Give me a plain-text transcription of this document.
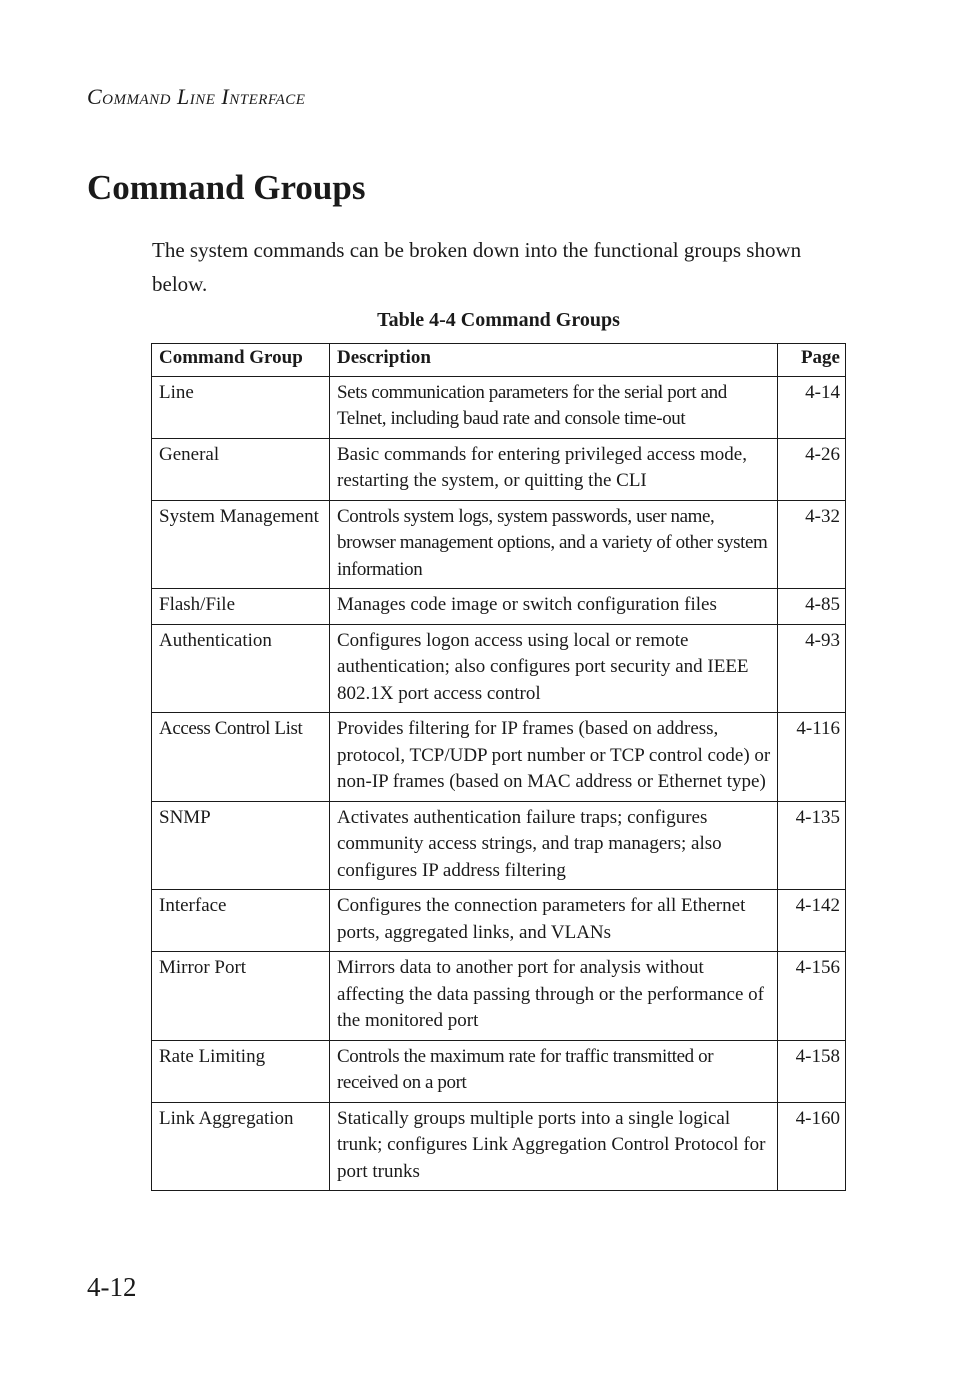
Command Line Interface
Command Groups

The system commands can be broken down into the functional groups shown below.

Table 4-4 Command Groups
Command Group	Description	Page
Line	Sets communication parameters for the serial port and Telnet, including baud rate and console time-out	4-14
General	Basic commands for entering privileged access mode, restarting the system, or quitting the CLI	4-26
System Management	Controls system logs, system passwords, user name, browser management options, and a variety of other system information	4-32
Flash/File	Manages code image or switch configuration files	4-85
Authentication	Configures logon access using local or remote authentication; also configures port security and IEEE 802.1X port access control	4-93
Access Control List	Provides filtering for IP frames (based on address, protocol, TCP/UDP port number or TCP control code) or non-IP frames (based on MAC address or Ethernet type)	4-116
SNMP	Activates authentication failure traps; configures community access strings, and trap managers; also configures IP address filtering	4-135
Interface	Configures the connection parameters for all Ethernet ports, aggregated links, and VLANs	4-142
Mirror Port	Mirrors data to another port for analysis without affecting the data passing through or the performance of the monitored port	4-156
Rate Limiting	Controls the maximum rate for traffic transmitted or received on a port	4-158
Link Aggregation	Statically groups multiple ports into a single logical trunk; configures Link Aggregation Control Protocol for port trunks	4-160
4-12
